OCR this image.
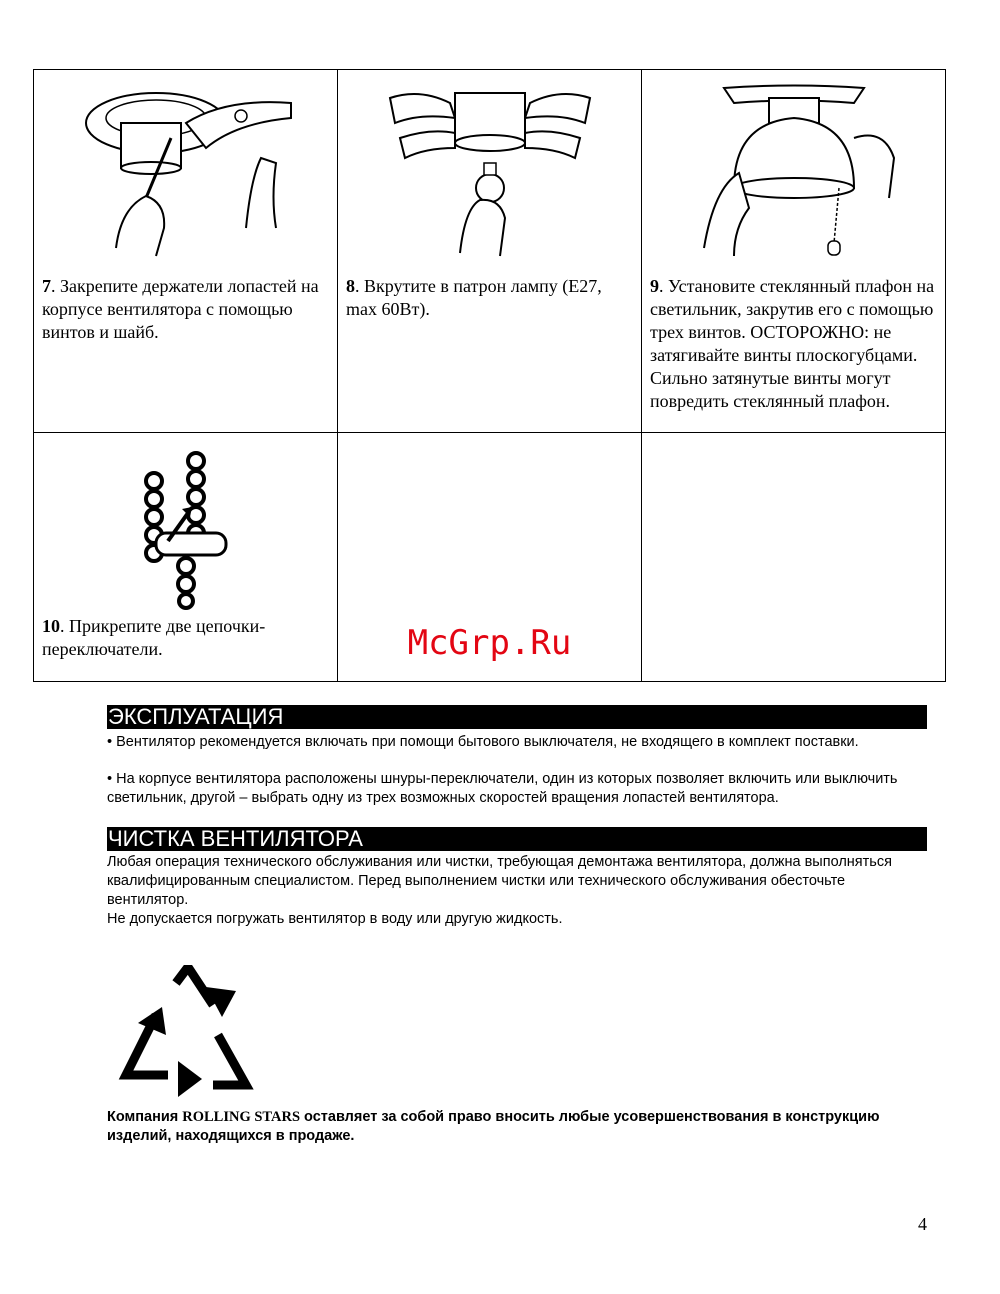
7. Закрепите держатели лопастей на корпусе вентилятора с помощью винтов и шайб.	8. Вкрутите в патрон лампу (Е27, max 60Вт).	9. Установите стеклянный плафон на светильник, закрутив его с помощью трех винтов. ОСТОРОЖНО: не затягивайте винты плоскогубцами. Сильно затянутые винты могут повредить стеклянный плафон.

10. Прикрепите две цепочки-переключатели.	McGrp.Ru	

ЭКСПЛУАТАЦИЯ
• Вентилятор рекомендуется включать при помощи бытового выключателя, не входящего в комплект поставки.
• На корпусе вентилятора расположены шнуры-переключатели, один из которых позволяет включить или выключить светильник, другой – выбрать одну из трех возможных скоростей вращения лопастей вентилятора.
ЧИСТКА ВЕНТИЛЯТОРА
Любая операция технического обслуживания или чистки, требующая демонтажа вентилятора, должна выполняться квалифицированным специалистом. Перед выполнением чистки или технического обслуживания обесточьте вентилятор.
Не допускается погружать вентилятор в воду или другую жидкость.
Компания ROLLING STARS оставляет за собой право вносить любые усовершенствования в конструкцию изделий, находящихся в продаже.
4
